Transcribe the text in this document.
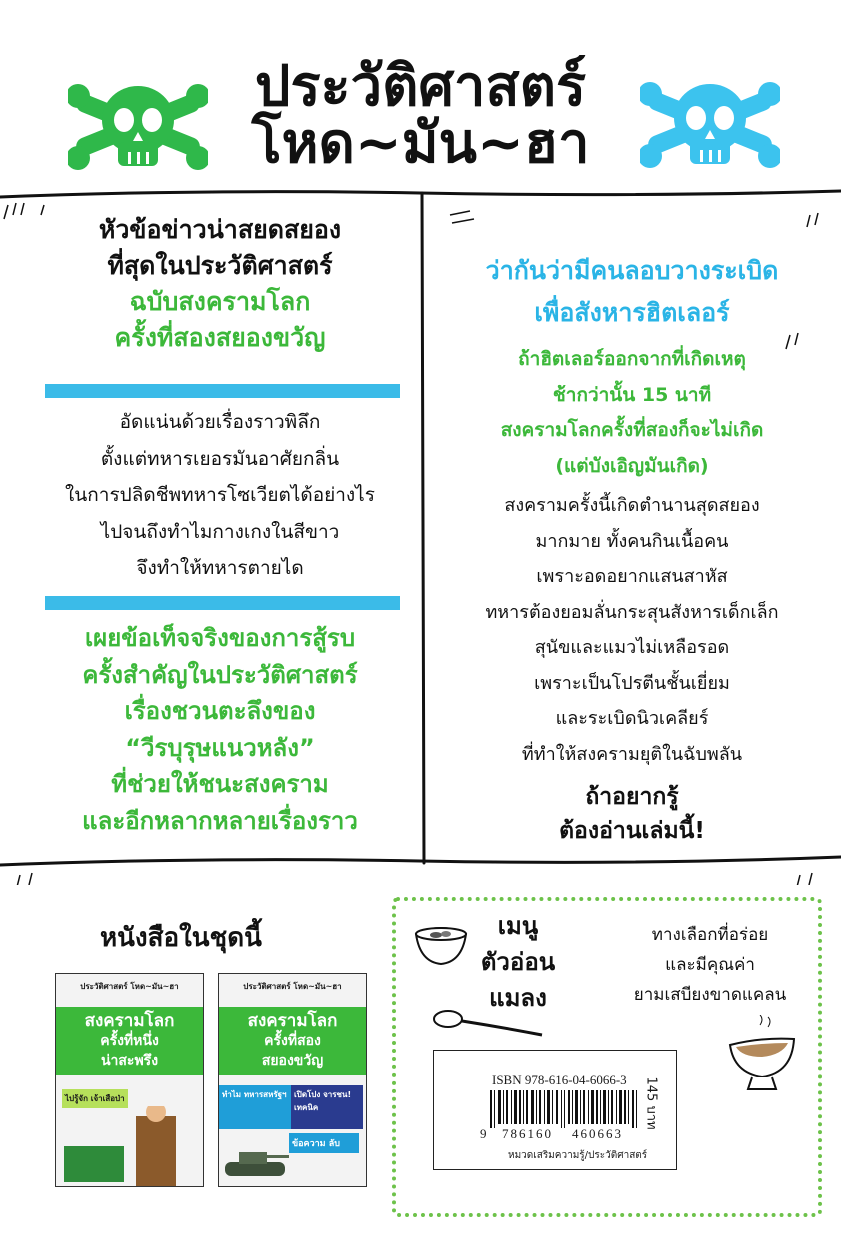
ประวัติศาสตร์
โหด~มัน~ฮา
หัวข้อข่าวน่าสยดสยอง
ที่สุดในประวัติศาสตร์
ฉบับสงครามโลก
ครั้งที่สองสยองขวัญ
อัดแน่นด้วยเรื่องราวพิลึก
ตั้งแต่ทหารเยอรมันอาศัยกลิ่น
ในการปลิดชีพทหารโซเวียตได้อย่างไร
ไปจนถึงทำไมกางเกงในสีขาว
จึงทำให้ทหารตายได
เผยข้อเท็จจริงของการสู้รบ
ครั้งสำคัญในประวัติศาสตร์
เรื่องชวนตะลึงของ
“วีรบุรุษแนวหลัง”
ที่ช่วยให้ชนะสงคราม
และอีกหลากหลายเรื่องราว
ว่ากันว่ามีคนลอบวางระเบิด
เพื่อสังหารฮิตเลอร์
ถ้าฮิตเลอร์ออกจากที่เกิดเหตุ
ช้ากว่านั้น 15 นาที
สงครามโลกครั้งที่สองก็จะไม่เกิด
(แต่บังเอิญมันเกิด)
สงครามครั้งนี้เกิดตำนานสุดสยอง
มากมาย ทั้งคนกินเนื้อคน
เพราะอดอยากแสนสาหัส
ทหารต้องยอมลั่นกระสุนสังหารเด็กเล็ก
สุนัขและแมวไม่เหลือรอด
เพราะเป็นโปรตีนชั้นเยี่ยม
และระเบิดนิวเคลียร์
ที่ทำให้สงครามยุติในฉับพลัน
ถ้าอยากรู้
ต้องอ่านเล่มนี้!
หนังสือในชุดนี้
ประวัติศาสตร์ โหด~มัน~ฮา
สงครามโลก
ครั้งที่หนึ่ง
น่าสะพรึง
ไปรู้จัก เจ้าเสือป่า
ประวัติศาสตร์ โหด~มัน~ฮา
สงครามโลก
ครั้งที่สอง
สยองขวัญ
ทำไม ทหารสหรัฐฯ เปิดโปง จารชน! เทคนิค
ข้อความ ลับ
เมนู
ตัวอ่อน
แมลง
ทางเลือกที่อร่อย
และมีคุณค่า
ยามเสบียงขาดแคลน
ISBN 978-616-04-6066-3
9 786160 460663
145 บาท
หมวดเสริมความรู้/ประวัติศาสตร์
